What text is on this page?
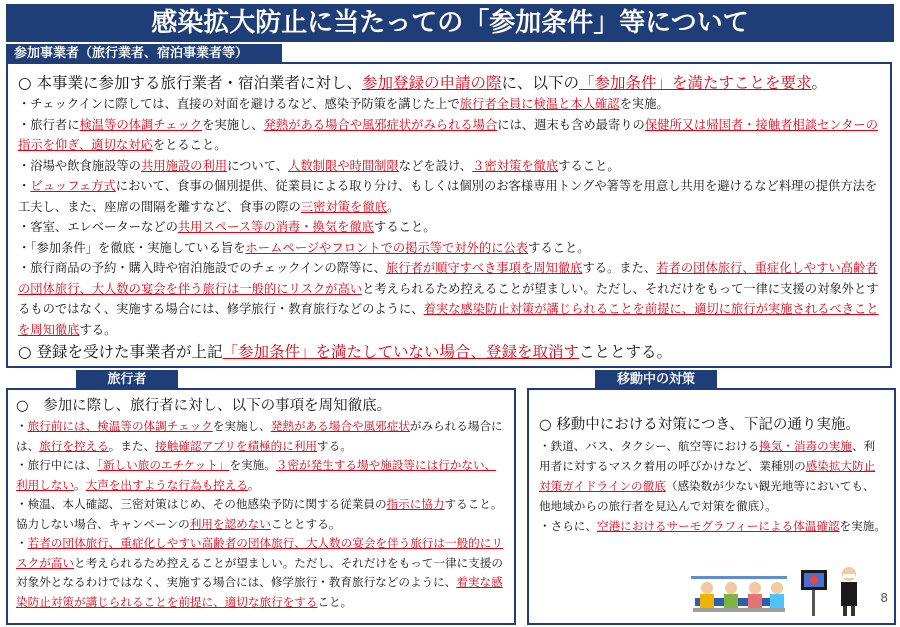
感染拡大防止に当たっての「参加条件」等について

○ 本事業に参加する旅行業者・宿泊業者に対し、参加登録の申請の際に、以下の「参加条件」を満たすことを要求。

・チェックインに際しては、直接の対面を避けるなど、感染予防策を講じた上で旅行者全員に検温と本人確認を実施。

・旅行者に検温等の体調チェックを実施し、発熱がある場合や風邪症状がみられる場合には、週末も含め最寄りの保健所又は帰国者・接触者相談センターの指示を仰ぎ、適切な対応をとること。

・浴場や飲食施設等の共用施設の利用について、人数制限や時間制限などを設け、３密対策を徹底すること。

・ビュッフェ方式において、食事の個別提供、従業員による取り分け、もしくは個別のお客様専用トングや箸等を用意し共用を避けるなど料理の提供方法を工夫し、また、座席の間隔を離すなど、食事の際の三密対策を徹底。

・客室、エレベーターなどの共用スペース等の消毒・換気を徹底すること。

・「参加条件」を徹底・実施している旨をホームページやフロントでの掲示等で対外的に公表すること。

・旅行商品の予約・購入時や宿泊施設でのチェックインの際等に、旅行者が順守すべき事項を周知徹底する。また、若者の団体旅行、重症化しやすい高齢者の団体旅行、大人数の宴会を伴う旅行は一般的にリスクが高いと考えられるため控えることが望ましい。ただし、それだけをもって一律に支援の対象外とするものではなく、実施する場合には、修学旅行・教育旅行などのように、着実な感染防止対策が講じられることを前提に、適切に旅行が実施されるべきことを周知徹底する。

○ 登録を受けた事業者が上記「参加条件」を満たしていない場合、登録を取消すこととする。

参加事業者（旅行業者、宿泊事業者等）

○　参加に際し、旅行者に対し、以下の事項を周知徹底。

・旅行前には、検温等の体調チェックを実施し、発熱がある場合や風邪症状がみられる場合には、旅行を控える。また、接触確認アプリを積極的に利用する。

・旅行中には、「新しい旅のエチケット」を実施。３密が発生する場や施設等には行かない、利用しない。大声を出すような行為も控える。

・検温、本人確認、三密対策はじめ、その他感染予防に関する従業員の指示に協力すること。協力しない場合、キャンペーンの利用を認めないこととする。

・若者の団体旅行、重症化しやすい高齢者の団体旅行、大人数の宴会を伴う旅行は一般的にリスクが高いと考えられるため控えることが望ましい。ただし、それだけをもって一律に支援の対象外となるわけではなく、実施する場合には、修学旅行・教育旅行などのように、着実な感染防止対策が講じられることを前提に、適切な旅行をすること。

旅行者

○ 移動中における対策につき、下記の通り実施。

・鉄道、バス、タクシー、航空等における換気・消毒の実施、利用者に対するマスク着用の呼びかけなど、業種別の感染拡大防止対策ガイドラインの徹底（感染数が少ない観光地等においても、他地域からの旅行者を見込んで対策を徹底）。

・さらに、空港におけるサーモグラフィーによる体温確認を実施。

移動中の対策
8
